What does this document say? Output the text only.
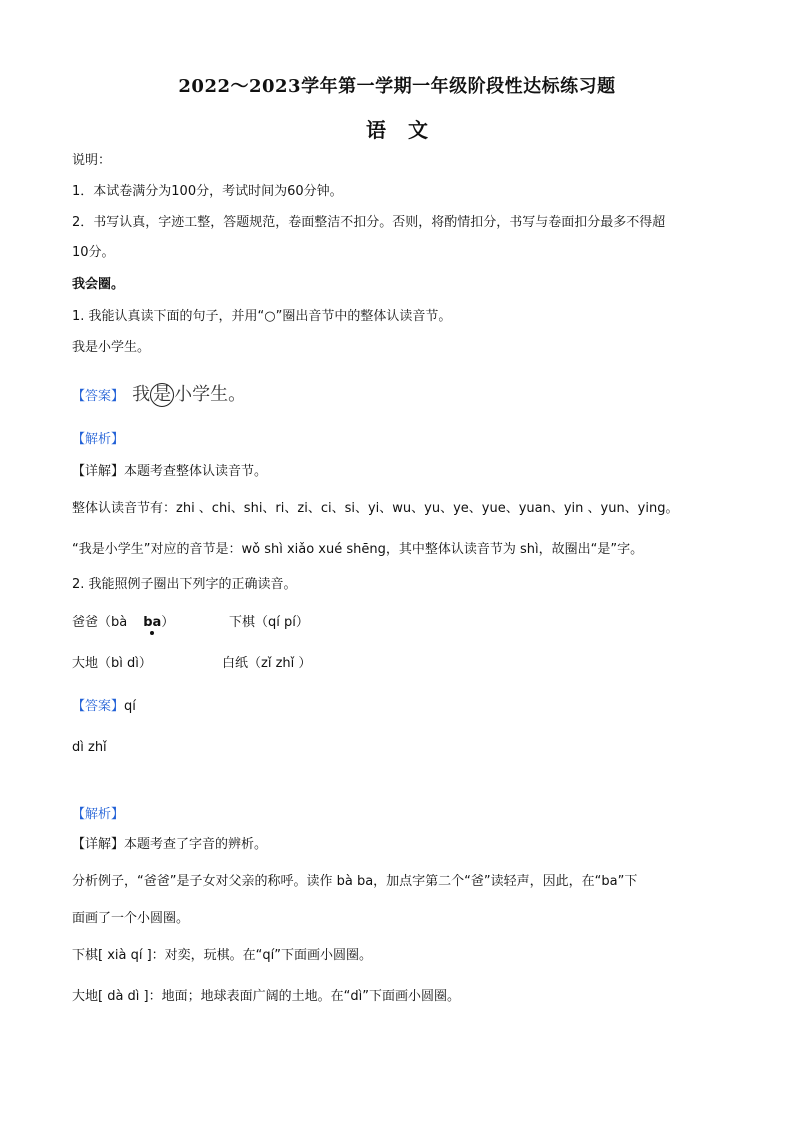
2022～2023学年第一学期一年级阶段性达标练习题
语文
说明：
1．本试卷满分为100分，考试时间为60分钟。
2．书写认真，字迹工整，答题规范，卷面整洁不扣分。否则，将酌情扣分，书写与卷面扣分最多不得超
10分。
我会圈。
1. 我能认真读下面的句子，并用“○”圈出音节中的整体认读音节。
我是小学生。
【答案】 我 是 小学生。
【解析】
【详解】本题考查整体认读音节。
整体认读音节有：zhi 、chi、shi、ri、zi、ci、si、yi、wu、yu、ye、yue、yuan、yin 、yun、ying。
“我是小学生”对应的音节是：wǒ shì xiǎo xué shēng，其中整体认读音节为 shì，故圈出“是”字。
2. 我能照例子圈出下列字的正确读音。
爸爸（bà ba）	下棋（qí pí）
大地（bì dì）	白纸（zǐ zhǐ ）
【答案】qí
dì zhǐ
【解析】
【详解】本题考查了字音的辨析。
分析例子，“爸爸”是子女对父亲的称呼。读作 bà ba，加点字第二个“爸”读轻声，因此，在“ba”下
面画了一个小圆圈。
下棋[ xià qí ]：对奕，玩棋。在“qí”下面画小圆圈。
大地[ dà dì ]：地面；地球表面广阔的土地。在“dì”下面画小圆圈。
